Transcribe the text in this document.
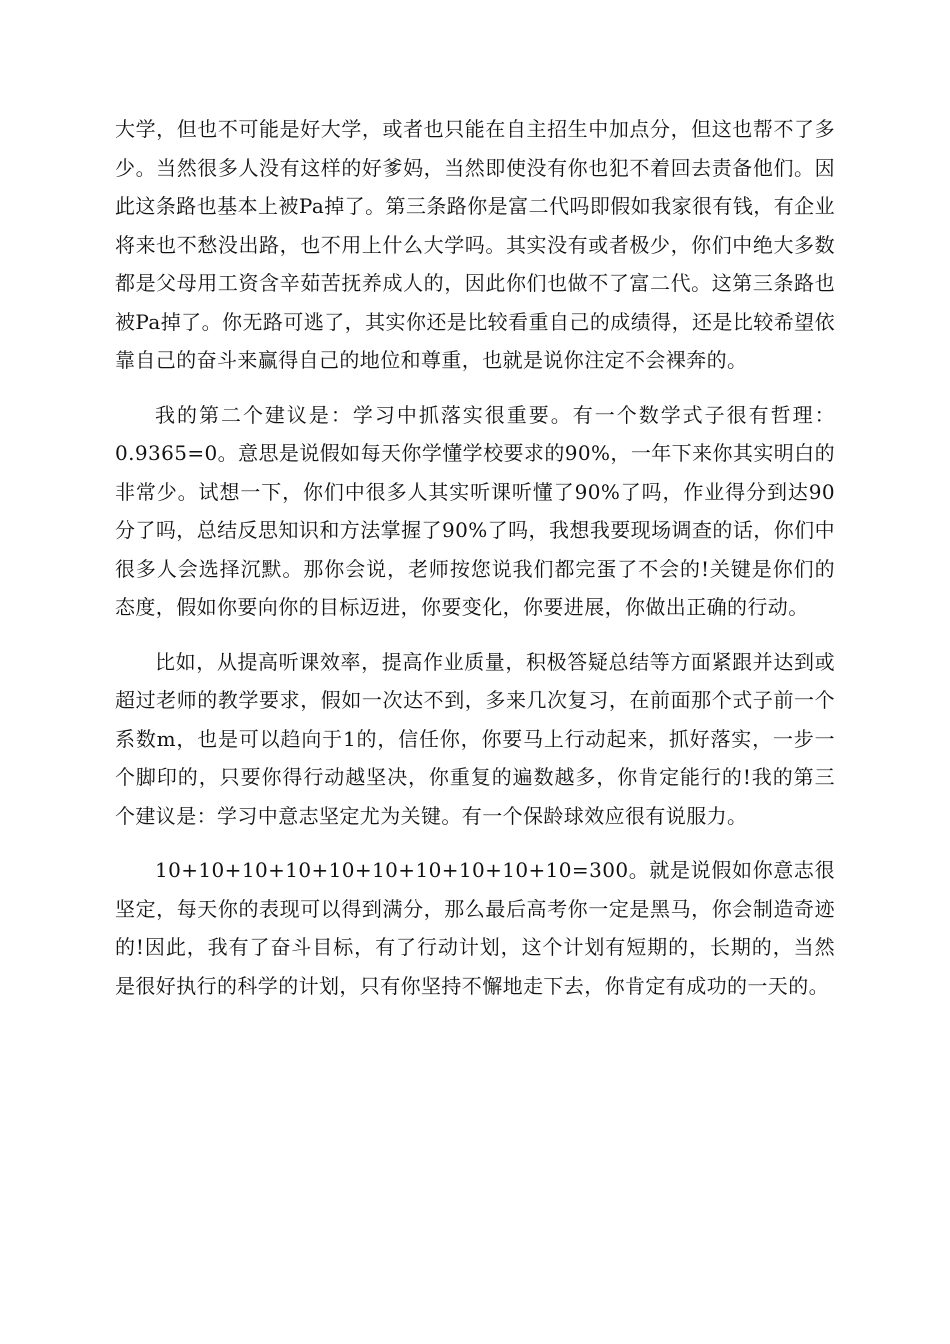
大学，但也不可能是好大学，或者也只能在自主招生中加点分，但这也帮不了多少。当然很多人没有这样的好爹妈，当然即使没有你也犯不着回去责备他们。因此这条路也基本上被Pa掉了。第三条路你是富二代吗即假如我家很有钱，有企业将来也不愁没出路，也不用上什么大学吗。其实没有或者极少，你们中绝大多数都是父母用工资含辛茹苦抚养成人的，因此你们也做不了富二代。这第三条路也被Pa掉了。你无路可逃了，其实你还是比较看重自己的成绩得，还是比较希望依靠自己的奋斗来赢得自己的地位和尊重，也就是说你注定不会裸奔的。

我的第二个建议是：学习中抓落实很重要。有一个数学式子很有哲理：0.9365=0。意思是说假如每天你学懂学校要求的90%，一年下来你其实明白的非常少。试想一下，你们中很多人其实听课听懂了90%了吗，作业得分到达90分了吗，总结反思知识和方法掌握了90%了吗，我想我要现场调查的话，你们中很多人会选择沉默。那你会说，老师按您说我们都完蛋了不会的!关键是你们的态度，假如你要向你的目标迈进，你要变化，你要进展，你做出正确的行动。

比如，从提高听课效率，提高作业质量，积极答疑总结等方面紧跟并达到或超过老师的教学要求，假如一次达不到，多来几次复习，在前面那个式子前一个系数m，也是可以趋向于1的，信任你，你要马上行动起来，抓好落实，一步一个脚印的，只要你得行动越坚决，你重复的遍数越多，你肯定能行的!我的第三个建议是：学习中意志坚定尤为关键。有一个保龄球效应很有说服力。

10+10+10+10+10+10+10+10+10+10=300。就是说假如你意志很坚定，每天你的表现可以得到满分，那么最后高考你一定是黑马，你会制造奇迹的!因此，我有了奋斗目标，有了行动计划，这个计划有短期的，长期的，当然是很好执行的科学的计划，只有你坚持不懈地走下去，你肯定有成功的一天的。
